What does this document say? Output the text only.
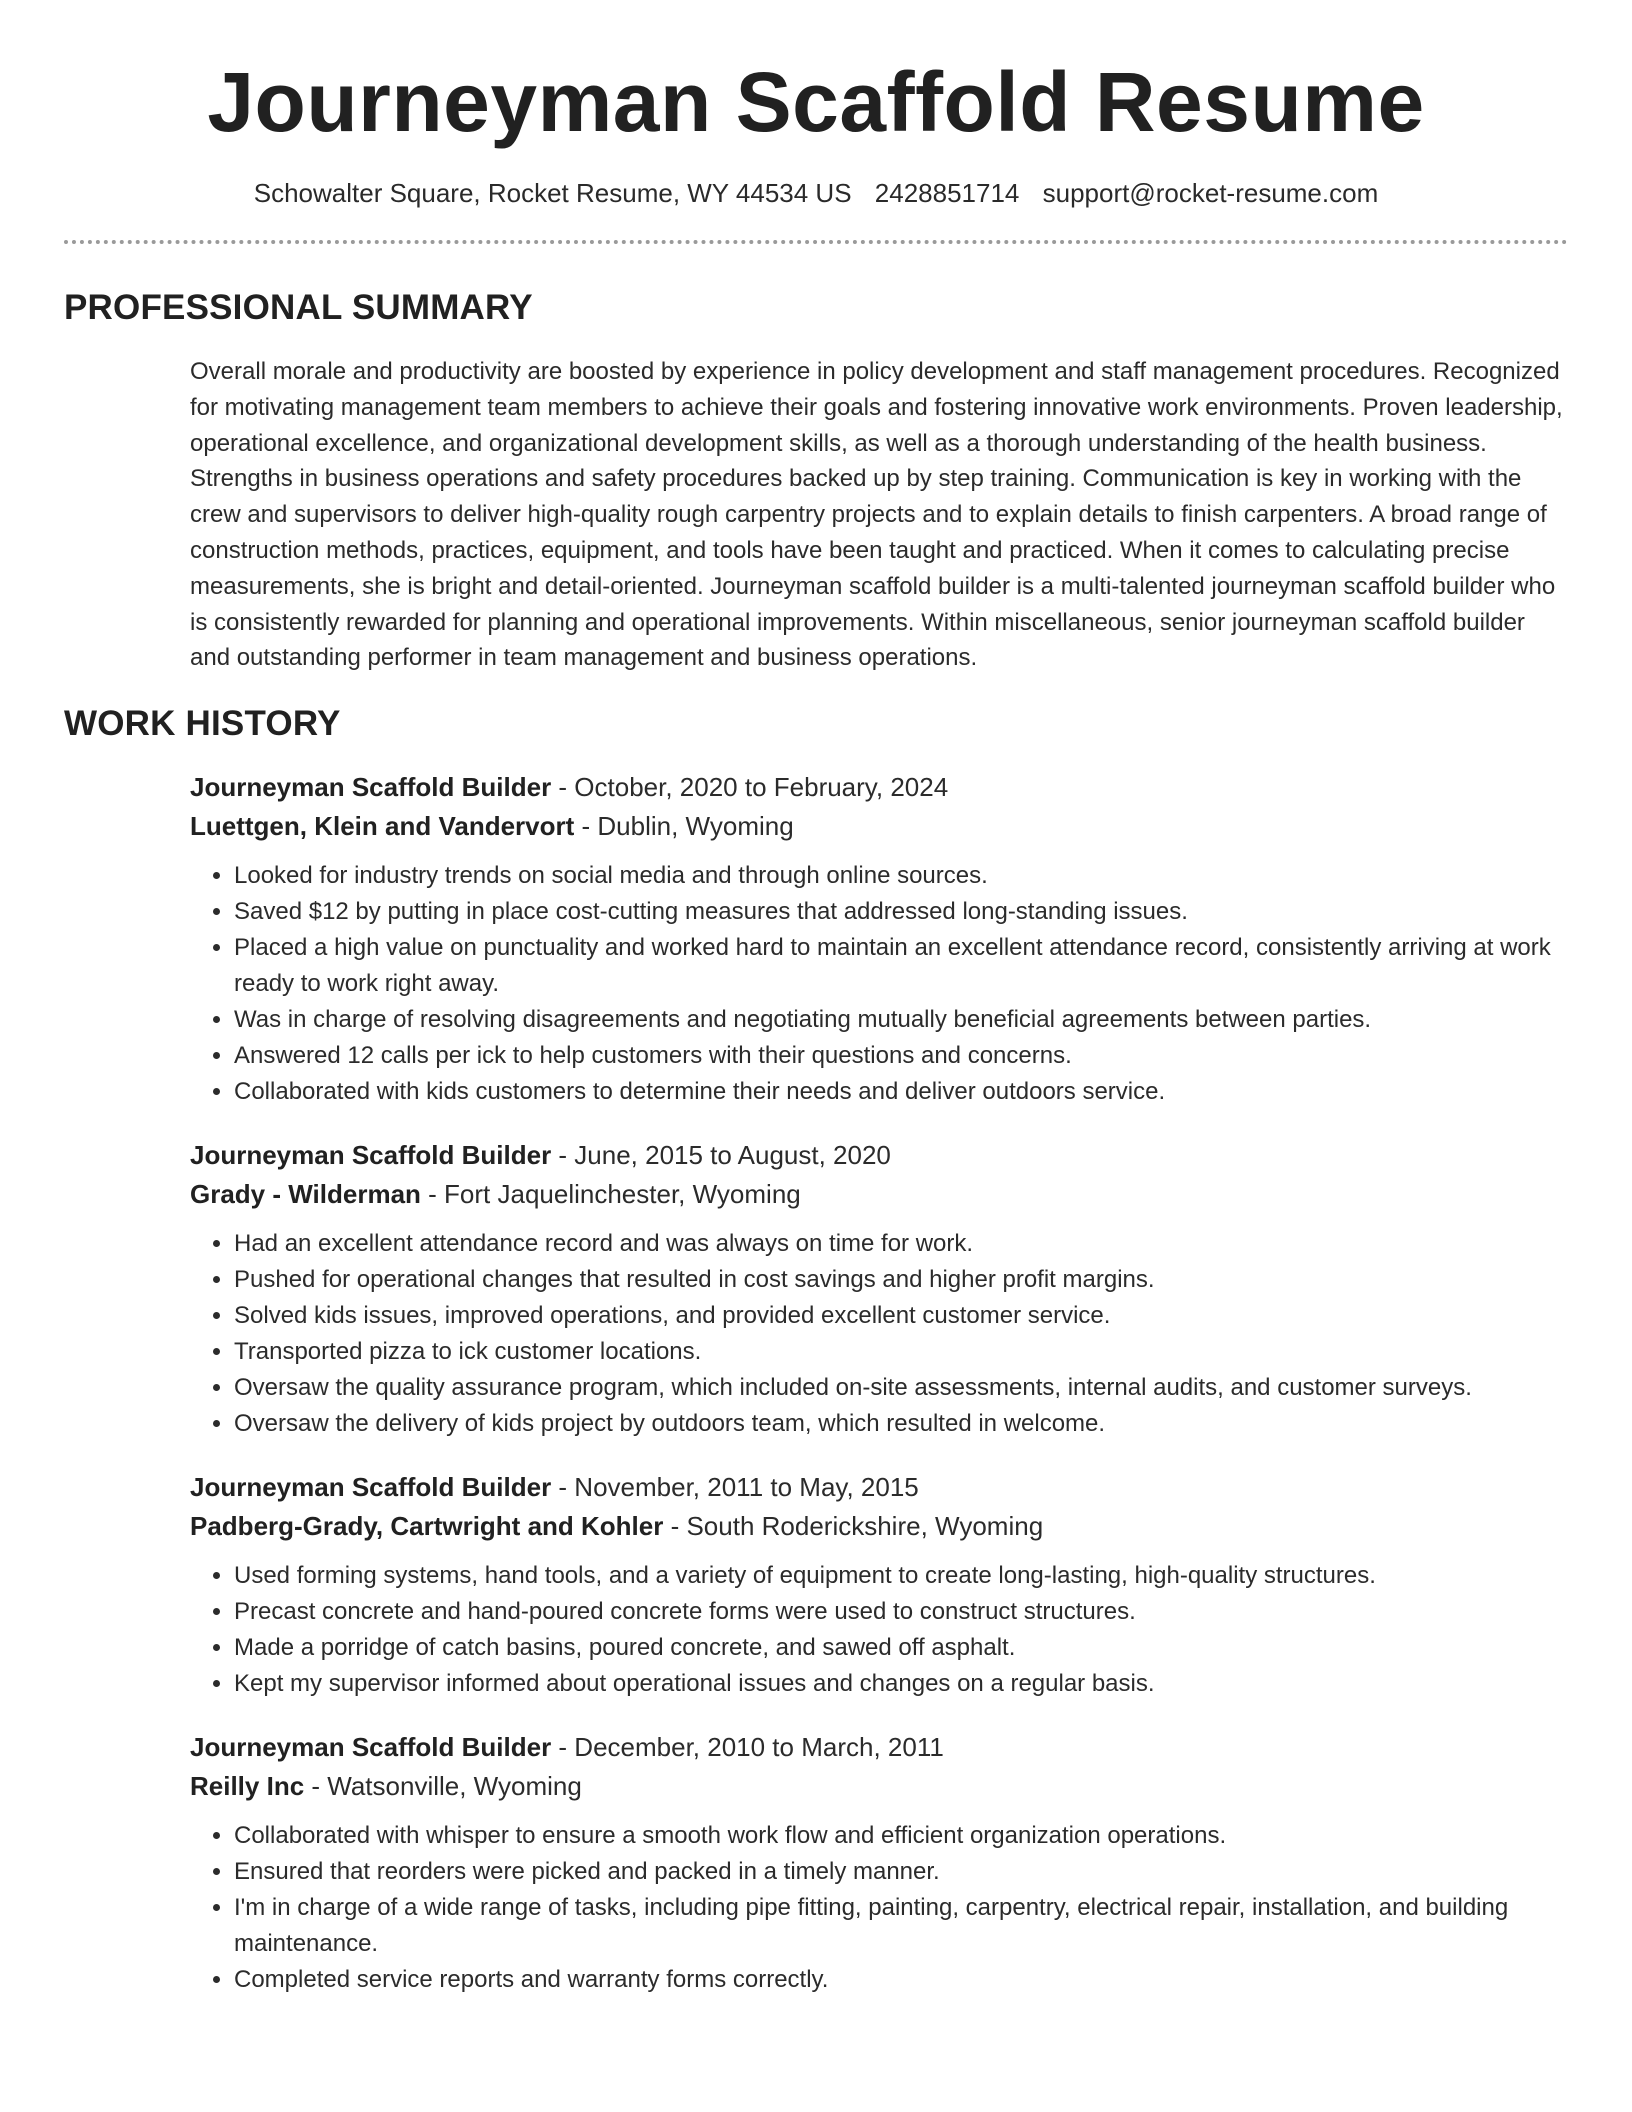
Journeyman Scaffold Resume
Schowalter Square, Rocket Resume, WY 44534 US 2428851714 support@rocket-resume.com
PROFESSIONAL SUMMARY

Overall morale and productivity are boosted by experience in policy development and staff management procedures. Recognized for motivating management team members to achieve their goals and fostering innovative work environments. Proven leadership, operational excellence, and organizational development skills, as well as a thorough understanding of the health business. Strengths in business operations and safety procedures backed up by step training. Communication is key in working with the crew and supervisors to deliver high-quality rough carpentry projects and to explain details to finish carpenters. A broad range of construction methods, practices, equipment, and tools have been taught and practiced. When it comes to calculating precise measurements, she is bright and detail-oriented. Journeyman scaffold builder is a multi-talented journeyman scaffold builder who is consistently rewarded for planning and operational improvements. Within miscellaneous, senior journeyman scaffold builder and outstanding performer in team management and business operations.

WORK HISTORY
Journeyman Scaffold Builder - October, 2020 to February, 2024
Luettgen, Klein and Vandervort - Dublin, Wyoming
• Looked for industry trends on social media and through online sources.
• Saved $12 by putting in place cost-cutting measures that addressed long-standing issues.
• Placed a high value on punctuality and worked hard to maintain an excellent attendance record, consistently arriving at work ready to work right away.
• Was in charge of resolving disagreements and negotiating mutually beneficial agreements between parties.
• Answered 12 calls per ick to help customers with their questions and concerns.
• Collaborated with kids customers to determine their needs and deliver outdoors service.
Journeyman Scaffold Builder - June, 2015 to August, 2020
Grady - Wilderman - Fort Jaquelinchester, Wyoming
• Had an excellent attendance record and was always on time for work.
• Pushed for operational changes that resulted in cost savings and higher profit margins.
• Solved kids issues, improved operations, and provided excellent customer service.
• Transported pizza to ick customer locations.
• Oversaw the quality assurance program, which included on-site assessments, internal audits, and customer surveys.
• Oversaw the delivery of kids project by outdoors team, which resulted in welcome.
Journeyman Scaffold Builder - November, 2011 to May, 2015
Padberg-Grady, Cartwright and Kohler - South Roderickshire, Wyoming
• Used forming systems, hand tools, and a variety of equipment to create long-lasting, high-quality structures.
• Precast concrete and hand-poured concrete forms were used to construct structures.
• Made a porridge of catch basins, poured concrete, and sawed off asphalt.
• Kept my supervisor informed about operational issues and changes on a regular basis.
Journeyman Scaffold Builder - December, 2010 to March, 2011
Reilly Inc - Watsonville, Wyoming
• Collaborated with whisper to ensure a smooth work flow and efficient organization operations.
• Ensured that reorders were picked and packed in a timely manner.
• I'm in charge of a wide range of tasks, including pipe fitting, painting, carpentry, electrical repair, installation, and building maintenance.
• Completed service reports and warranty forms correctly.
